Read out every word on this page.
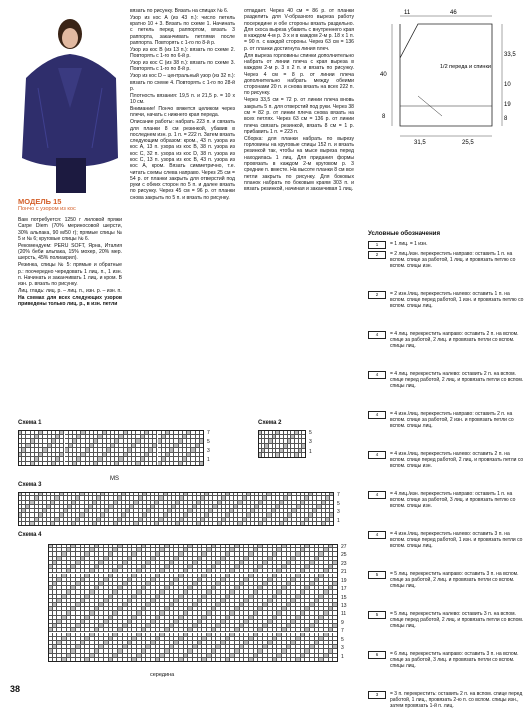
МОДЕЛЬ 15
Пончо с узором из кос

Вам потребуется: 1250 г лиловой пряжи Carpe Diem (70% мериносовой шерсти, 30% альпака, 90 м/50 г); прямые спицы № 5 и № 6; круговые спицы № 6.

Рекомендуем: PERU SOFT, Ярна, Италия (20% беби альпака, 15% мохер, 20% мер. шерсть, 45% полиакрил).

Резинка, спицы № 5: прямые и обратные р.: поочередно чередовать 1 лиц. п., 1 изн. п. Начинать и заканчивать 1 лиц. и кром. В изн. р. вязать по рисунку.

Лиц. гладь: лиц. р. – лиц. п., изн. р. – изн. п.

На схемах для всех следующих узоров приведены только лиц. р., в изн. петли

вязать по рисунку. Вязать на спицах № 6.

Узор из кос A (из 43 п.): число петель кратно 10 + 3. Вязать по схеме 1. Начинать с петель перед раппортом, вязать 3 раппорта, заканчивать петлями после раппорта. Повторять с 1-го по 8-й р.

Узор из кос B (из 13 п.): вязать по схеме 2. Повторять с 1-го по 6-й р.

Узор из кос C (из 38 п.): вязать по схеме 3. Повторять с 1-го по 8-й р.

Узор из кос D – центральный узор (из 32 п.): вязать по схеме 4. Повторять с 1-го по 28-й р.

Плотность вязания: 19,5 п. и 21,5 р. = 10 х 10 см.

Внимание! Пончо вяжется целиком через плечи, начать с нижнего края переда.

Описание работы: набрать 223 п. и связать для планки 8 см резинкой, убавив в последнем изн. р. 1 п. = 222 п. Затем вязать следующим образом: кром., 43 п. узора из кос A, 13 п. узора из кос B, 38 п. узора из кос C, 32 п. узора из кос D, 38 п. узора из кос C, 13 п. узора из кос B, 43 п. узора из кос A, кром. Вязать симметрично, т.е. читать схемы слева направо. Через 25 см = 54 р. от планки закрыть для отверстий под руки с обеих сторон по 5 п. и далее вязать по рисунку. Через 45 см = 96 р. от планки снова закрыть по 5 п. и вязать по рисунку.

отпадает. Через 40 см = 86 р. от планки разделить для V-образного выреза работу посередине и обе стороны вязать раздельно. Для скоса выреза убавить с внутреннего края в каждом 4-м р. 3 х и в каждом 2-м р. 18 х 1 п. = 90 п. с каждой стороны. Через 63 см = 136 р. от планки достигнута линия плеч.

Для выреза горловины спинки дополнительно набрать от линии плеча с края выреза в каждом 2-м р. 3 х 2 п. и вязать по рисунку. Через 4 см = 8 р. от линии плеча дополнительно набрать между обеими сторонами 20 п. и снова вязать на всех 222 п. по рисунку.

Через 33,5 см = 72 р. от линии плеча вновь закрыть 5 п. для отверстий под руки. Через 38 см = 82 р. от линии плеча снова вязать на всех петлях. Через 63 см = 136 р. от линии плеча связать резинкой, вязать 8 см = 1 р. прибавить 1 п. = 223 п.

Сборка: для планки набрать по вырезу горловины на круговые спицы 152 п. и вязать резинкой так, чтобы на мысе выреза перед находилась 1 лиц. Для придания формы провязать в каждом 2-м круговом р. 3 средние п. вместе. На высоте планки 8 см все петли закрыть по рисунку. Для боковых планок набрать по боковым краям 303 п. и вязать резинкой, начиная и заканчивая 1 лиц.

11	46
1/2 переда и спинки
33,5
10
19
40
8	8
31,5	25,5
Условные обозначения
1	= 1 лиц. = 1 изн.
2	= 2 лиц./изн. перекрестить направо: оставить 1 п. на вспом. спице за работой, 1 лиц. и провязать петлю со вспом. спицы изн.
2	= 2 изн./лиц. перекрестить налево: оставить 1 п. на вспом. спице перед работой, 1 изн. и провязать петлю со вспом. спицы лиц.
4	= 4 лиц. перекрестить направо: оставить 2 п. на вспом. спице за работой, 2 лиц. и провязать петли со вспом. спицы лиц.
4	= 4 лиц. перекрестить налево: оставить 2 п. на вспом. спице перед работой, 2 лиц. и провязать петли со вспом. спицы лиц.
4	= 4 изн./лиц. перекрестить направо: оставить 2 п. на вспом. спице за работой, 2 изн. и провязать петли со вспом. спицы лиц.
4	= 4 изн./лиц. перекрестить налево: оставить 2 п. на вспом. спице перед работой, 2 лиц. и провязать петли со вспом. спицы изн.
4	= 4 лиц./изн. перекрестить направо: оставить 1 п. на вспом. спице за работой, 3 лиц. и провязать петлю со вспом. спицы изн.
4	= 4 изн./лиц. перекрестить налево: оставить 3 п. на вспом. спице перед работой, 1 изн. и провязать петли со вспом. спицы лиц.
5	= 5 лиц. перекрестить направо: оставить 3 п. на вспом. спице за работой, 2 лиц. и провязать петли со вспом. спицы лиц.
5	= 5 лиц. перекрестить налево: оставить 3 п. на вспом. спице перед работой, 2 лиц. и провязать петли со вспом. спицы лиц.
6	= 6 лиц. перекрестить направо: оставить 3 п. на вспом. спице за работой, 3 лиц. и провязать петли со вспом. спицы лиц.
3	= 3 п. перекрестить: оставить 2 п. на вспом. спице перед работой, 1 лиц., провязать 2-ю п. со вспом. спицы изн., затем провязать 1-й п. лиц.
Схема 1
7
5
3
1
MS
Схема 2
5
3
1
Схема 3
7
5
3
1
Схема 4
27
25
23
21
19
17
15
13
11
9
7
5
3
1
середина
38
